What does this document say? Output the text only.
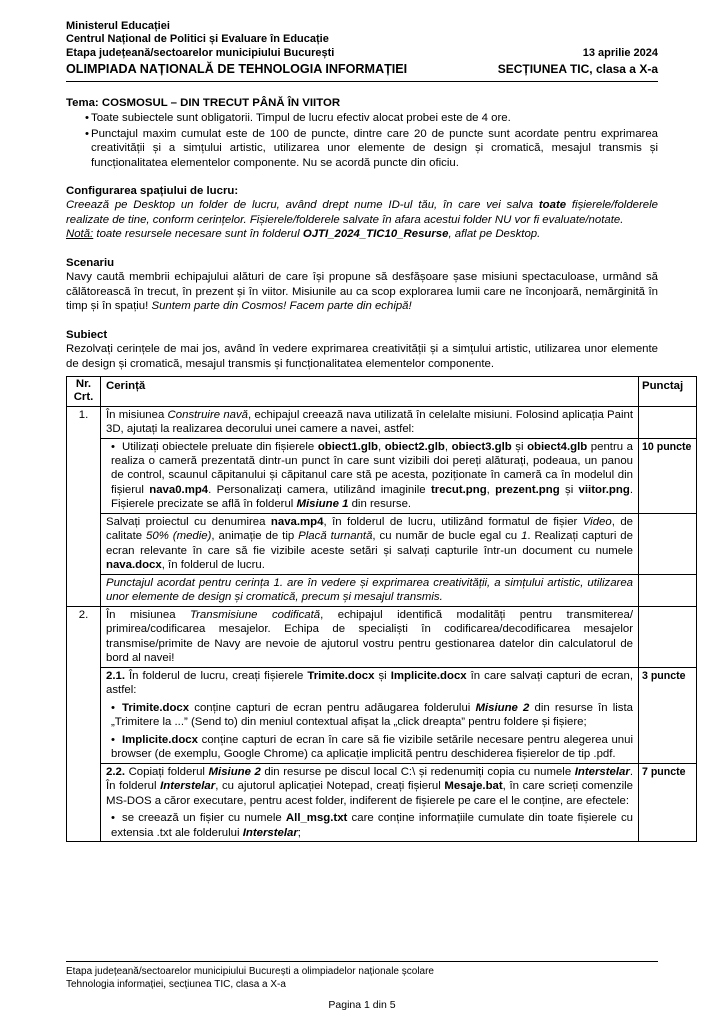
Ministerul Educației
Centrul Național de Politici și Evaluare în Educație
Etapa județeană/sectoarelor municipiului București	13 aprilie 2024
OLIMPIADA NAȚIONALĂ DE TEHNOLOGIA INFORMAȚIEI	SECȚIUNEA TIC, clasa a X-a
Tema: COSMOSUL – DIN TRECUT PÂNĂ ÎN VIITOR
• Toate subiectele sunt obligatorii. Timpul de lucru efectiv alocat probei este de 4 ore.
• Punctajul maxim cumulat este de 100 de puncte, dintre care 20 de puncte sunt acordate pentru exprimarea creativității și a simțului artistic, utilizarea unor elemente de design și cromatică, mesajul transmis și funcționalitatea elementelor componente. Nu se acordă puncte din oficiu.
Configurarea spațiului de lucru:
Creează pe Desktop un folder de lucru, având drept nume ID-ul tău, în care vei salva toate fișierele/folderele realizate de tine, conform cerințelor. Fișierele/folderele salvate în afara acestui folder NU vor fi evaluate/notate.
Notă: toate resursele necesare sunt în folderul OJTI_2024_TIC10_Resurse, aflat pe Desktop.
Scenariu
Navy caută membrii echipajului alături de care își propune să desfășoare șase misiuni spectaculoase, urmând să călătorească în trecut, în prezent și în viitor. Misiunile au ca scop explorarea lumii care ne înconjoară, nemărginită în timp și în spațiu! Suntem parte din Cosmos! Facem parte din echipă!
Subiect
Rezolvați cerințele de mai jos, având în vedere exprimarea creativității și a simțului artistic, utilizarea unor elemente de design și cromatică, mesajul transmis și funcționalitatea elementelor componente.
Nr.
Crt.	Cerință	Punctaj
1.	În misiunea Construire navă, echipajul creează nava utilizată în celelalte misiuni. Folosind aplicația Paint 3D, ajutați la realizarea decorului unei camere a navei, astfel:	

	• Utilizați obiectele preluate din fișierele obiect1.glb, obiect2.glb, obiect3.glb și obiect4.glb pentru a realiza o cameră prezentată dintr-un punct în care sunt vizibili doi pereți alăturați, podeaua, un panou de control, scaunul căpitanului și căpitanul care stă pe acesta, poziționate în cameră ca în modelul din fișierul nava0.mp4. Personalizați camera, utilizând imaginile trecut.png, prezent.png și viitor.png. Fișierele precizate se află în folderul Misiune 1 din resurse.	10 puncte

	Salvați proiectul cu denumirea nava.mp4, în folderul de lucru, utilizând formatul de fișier Video, de calitate 50% (medie), animație de tip Placă turnantă, cu număr de bucle egal cu 1. Realizați capturi de ecran relevante în care să fie vizibile aceste setări și salvați capturile într-un document cu numele nava.docx, în folderul de lucru.	

	Punctajul acordat pentru cerința 1. are în vedere și exprimarea creativității, a simțului artistic, utilizarea unor elemente de design și cromatică, precum și mesajul transmis.	

2.	În misiunea Transmisiune codificată, echipajul identifică modalități pentru transmiterea/ primirea/codificarea mesajelor. Echipa de specialiști în codificarea/decodificarea mesajelor transmise/primite de Navy are nevoie de ajutorul vostru pentru gestionarea datelor din calculatorul de bord al navei!	

	2.1. În folderul de lucru, creați fișierele Trimite.docx și Implicite.docx în care salvați capturi de ecran, astfel:
• Trimite.docx conține capturi de ecran pentru adăugarea folderului Misiune 2 din resurse în lista „Trimitere la ...” (Send to) din meniul contextual afișat la „click dreapta” pentru foldere și fișiere;
• Implicite.docx conține capturi de ecran în care să fie vizibile setările necesare pentru alegerea unui browser (de exemplu, Google Chrome) ca aplicație implicită pentru deschiderea fișierelor de tip .pdf.	3 puncte

	2.2. Copiați folderul Misiune 2 din resurse pe discul local C:\ și redenumiți copia cu numele Interstelar. În folderul Interstelar, cu ajutorul aplicației Notepad, creați fișierul Mesaje.bat, în care scrieți comenzile MS-DOS a căror executare, pentru acest folder, indiferent de fișierele pe care el le conține, are efectele:
• se creează un fișier cu numele All_msg.txt care conține informațiile cumulate din toate fișierele cu extensia .txt ale folderului Interstelar;	7 puncte
Etapa județeană/sectoarelor municipiului București a olimpiadelor naționale școlare
Tehnologia informației, secțiunea TIC, clasa a X-a
Pagina 1 din 5
